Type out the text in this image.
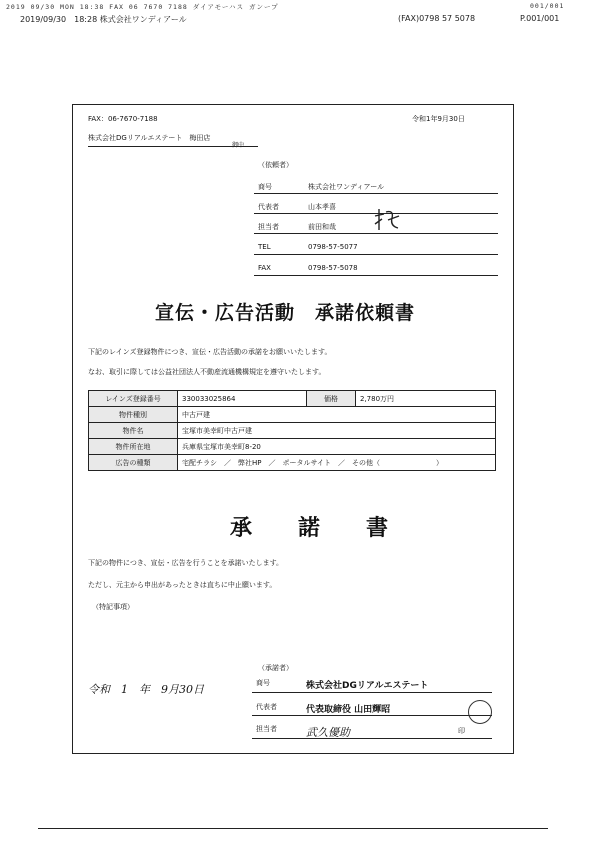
2019 09/30 MON 18:38 FAX 06 7670 7188 ダイアモーハス ガンープ	001/001
2019/09/30　18:28 株式会社ワンディアール	(FAX)0798 57 5078	P.001/001
FAX：06-7670-7188	令和1年9月30日
株式会社DGリアルエステート　梅田店
御中
（依頼者）
商号	株式会社ワンディアール
代表者	山本孝喜
担当者	前田和哉
TEL	0798-57-5077
FAX	0798-57-5078
宣伝・広告活動　承諾依頼書
下記のレインズ登録物件につき、宣伝・広告活動の承諾をお願いいたします。
なお、取引に際しては公益社団法人不動産流通機構規定を遵守いたします。
レインズ登録番号	330033025864	価格	2,780万円
物件種別	中古戸建		
物件名	宝塚市美幸町中古戸建		
物件所在地	兵庫県宝塚市美幸町8-20		
広告の種類	宅配チラシ　／　弊社HP　／　ポータルサイト　／　その他（　　　　　　　　）		
承諾書
下記の物件につき、宣伝・広告を行うことを承諾いたします。
ただし、元主から申出があったときは直ちに中止願います。
（特記事項）
（承諾者）
令和　1　年　9月30日	商号	株式会社DGリアルエステート
代表者	代表取締役 山田輝昭
担当者	武久優助	印
